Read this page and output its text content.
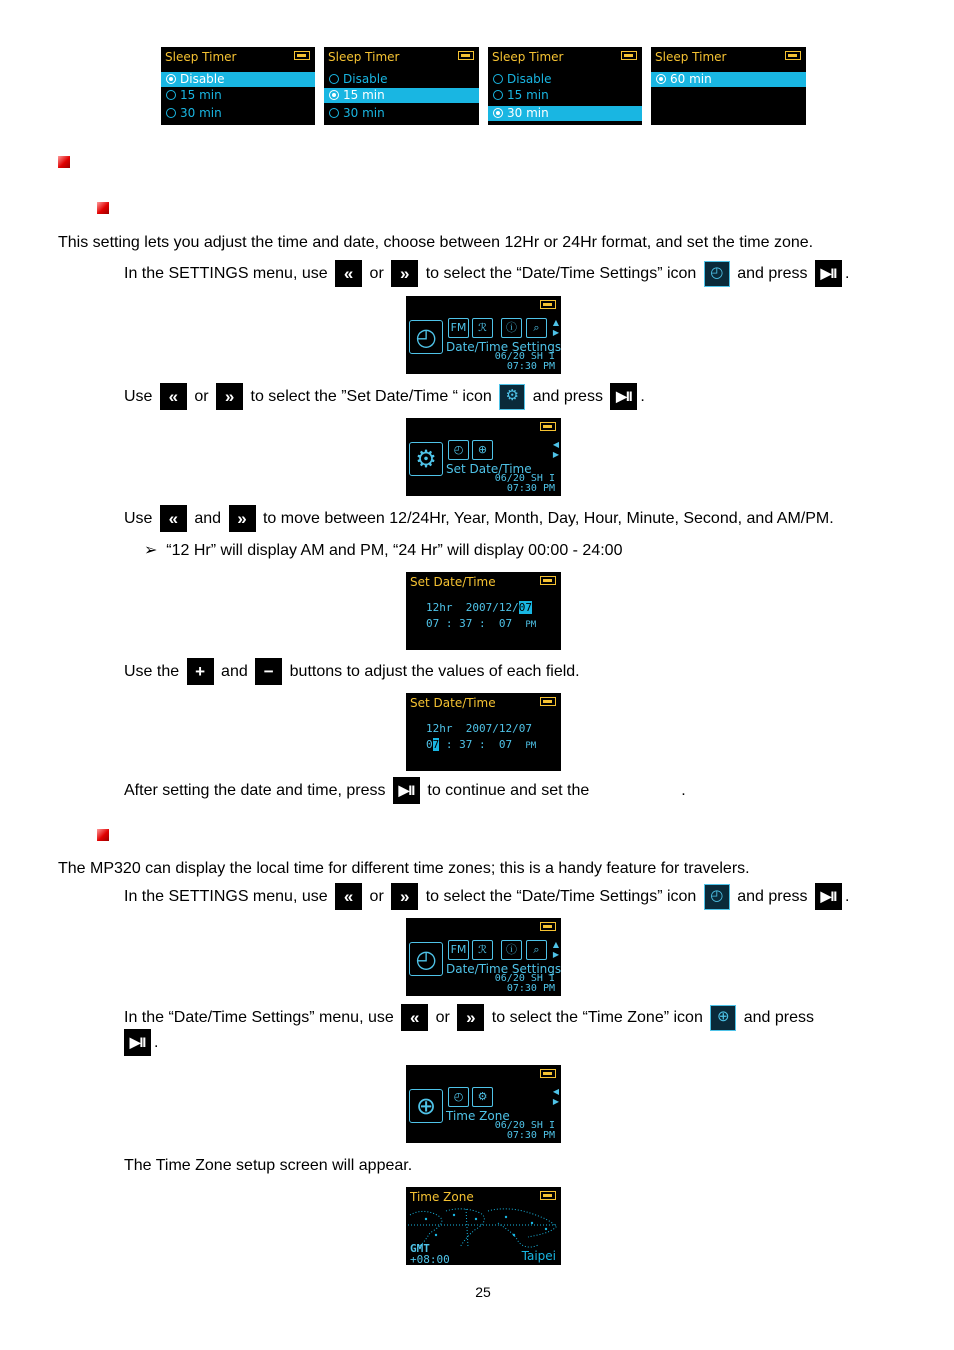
Sleep Timer
Disable
15 min
30 min
Sleep Timer
Disable
15 min
30 min
Sleep Timer
Disable
15 min
30 min
Sleep Timer
60 min
This setting lets you adjust the time and date, choose between 12Hr or 24Hr format, and set the time zone.
In the SETTINGS menu, use « or » to select the “Date/Time Settings” icon ◴ and press ▶II .
◴	FM	ℛ	ⓘ	⌕	▲
▶
Date/Time Settings
06/20 SH I
07:30 PM
Use « or » to select the ”Set Date/Time “ icon ⚙ and press ▶II .
⚙	◴	⊕	◀
▶
Set Date/Time
06/20 SH I
07:30 PM
Use « and » to move between 12/24Hr, Year, Month, Day, Hour, Minute, Second, and AM/PM.
➢ “12 Hr” will display AM and PM, “24 Hr” will display 00:00 - 24:00
Set Date/Time
12hr 2007/12/07
07 : 37 :  07 PM
Use the + and − buttons to adjust the values of each field.
Set Date/Time
12hr 2007/12/07
07 : 37 :  07 PM
After setting the date and time, press ▶II to continue and set the	.
The MP320 can display the local time for different time zones; this is a handy feature for travelers.
In the SETTINGS menu, use « or » to select the “Date/Time Settings” icon ◴ and press ▶II .
◴	FM	ℛ	ⓘ	⌕	▲
▶
Date/Time Settings
06/20 SH I
07:30 PM
In the “Date/Time Settings” menu, use « or » to select the “Time Zone” icon ⊕ and press
▶II .
⊕	◴	⚙	◀
▶
Time Zone
06/20 SH I
07:30 PM
The Time Zone setup screen will appear.
Time Zone
GMT
+08:00	Taipei
25
